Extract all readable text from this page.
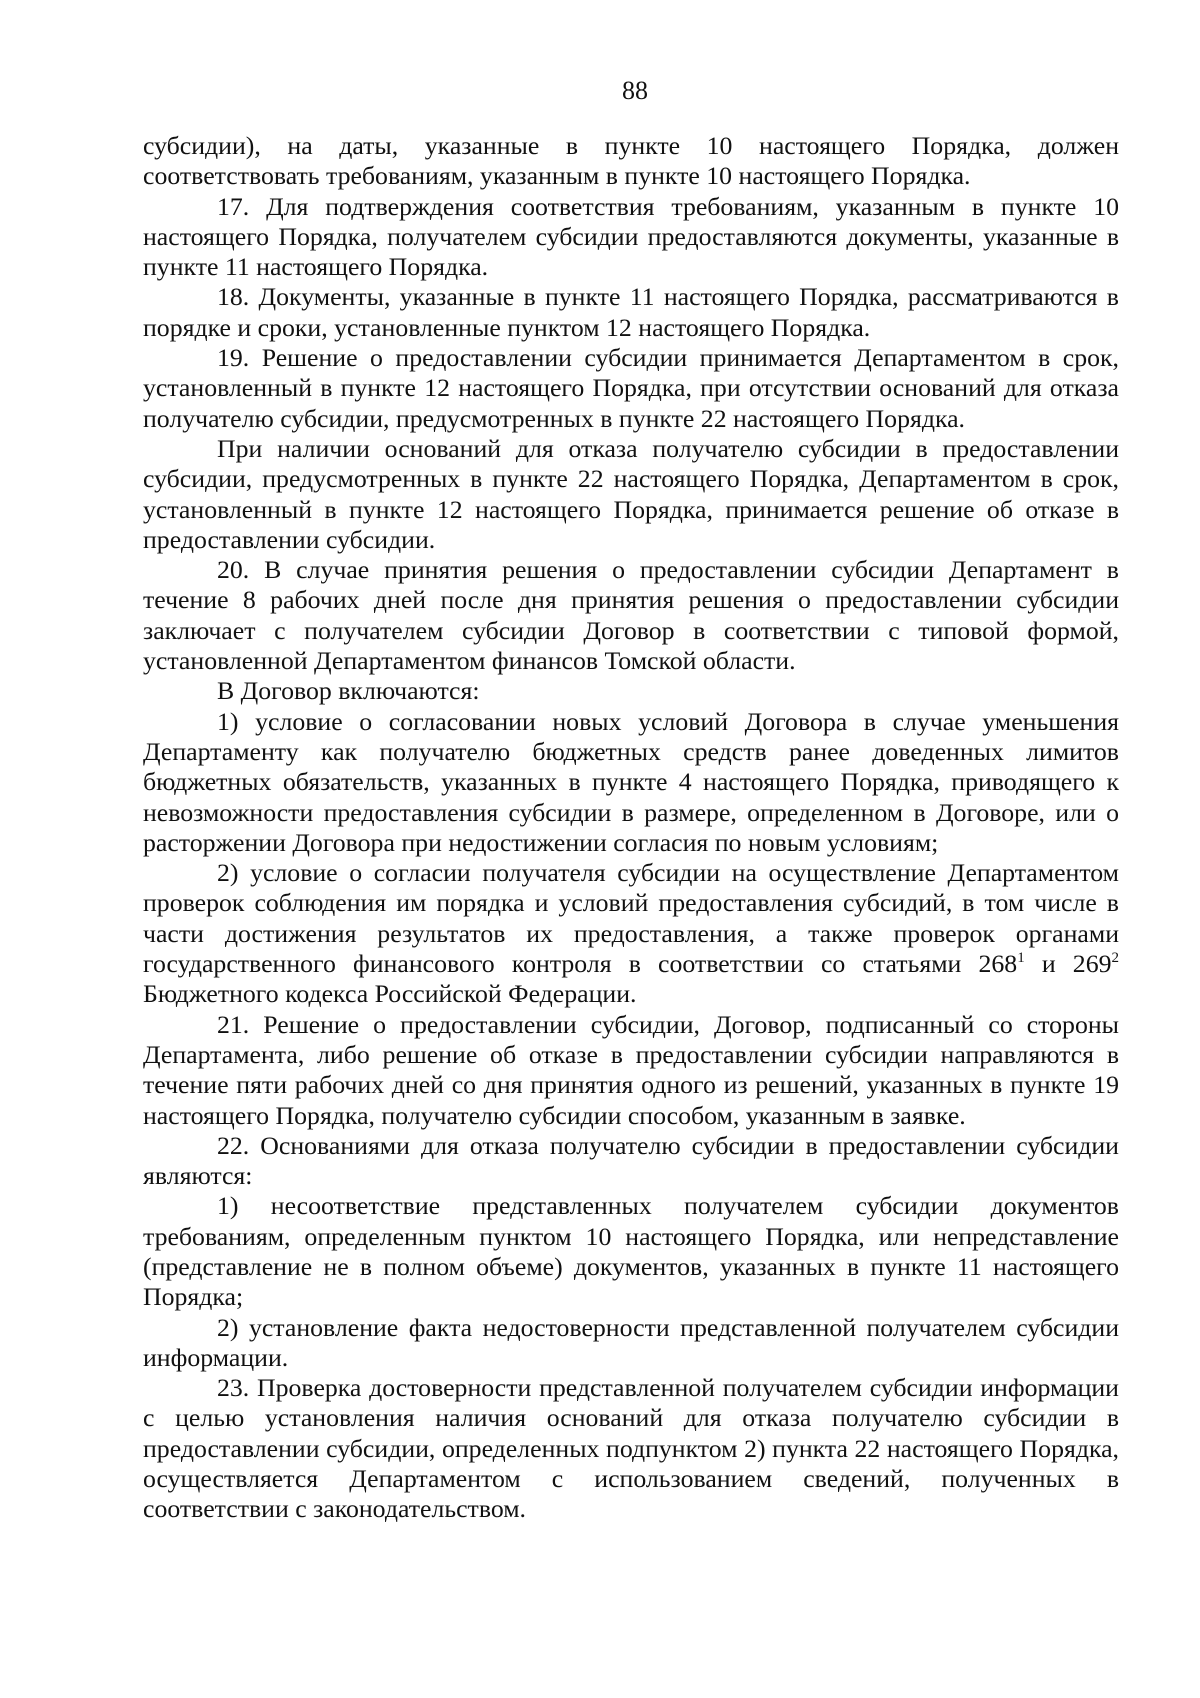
88

субсидии), на даты, указанные в пункте 10 настоящего Порядка, должен соответствовать требованиям, указанным в пункте 10 настоящего Порядка.

17. Для подтверждения соответствия требованиям, указанным в пункте 10 настоящего Порядка, получателем субсидии предоставляются документы, указанные в пункте 11 настоящего Порядка.

18. Документы, указанные в пункте 11 настоящего Порядка, рассматриваются в порядке и сроки, установленные пунктом 12 настоящего Порядка.

19. Решение о предоставлении субсидии принимается Департаментом в срок, установленный в пункте 12 настоящего Порядка, при отсутствии оснований для отказа получателю субсидии, предусмотренных в пункте 22 настоящего Порядка.

При наличии оснований для отказа получателю субсидии в предоставлении субсидии, предусмотренных в пункте 22 настоящего Порядка, Департаментом в срок, установленный в пункте 12 настоящего Порядка, принимается решение об отказе в предоставлении субсидии.

20. В случае принятия решения о предоставлении субсидии Департамент в течение 8 рабочих дней после дня принятия решения о предоставлении субсидии заключает с получателем субсидии Договор в соответствии с типовой формой, установленной Департаментом финансов Томской области.

В Договор включаются:

1) условие о согласовании новых условий Договора в случае уменьшения Департаменту как получателю бюджетных средств ранее доведенных лимитов бюджетных обязательств, указанных в пункте 4 настоящего Порядка, приводящего к невозможности предоставления субсидии в размере, определенном в Договоре, или о расторжении Договора при недостижении согласия по новым условиям;

2) условие о согласии получателя субсидии на осуществление Департаментом проверок соблюдения им порядка и условий предоставления субсидий, в том числе в части достижения результатов их предоставления, а также проверок органами государственного финансового контроля в соответствии со статьями $268^1$ и $269^2$ Бюджетного кодекса Российской Федерации.

21. Решение о предоставлении субсидии, Договор, подписанный со стороны Департамента, либо решение об отказе в предоставлении субсидии направляются в течение пяти рабочих дней со дня принятия одного из решений, указанных в пункте 19 настоящего Порядка, получателю субсидии способом, указанным в заявке.

22. Основаниями для отказа получателю субсидии в предоставлении субсидии являются:

1) несоответствие представленных получателем субсидии документов требованиям, определенным пунктом 10 настоящего Порядка, или непредставление (представление не в полном объеме) документов, указанных в пункте 11 настоящего Порядка;

2) установление факта недостоверности представленной получателем субсидии информации.

23. Проверка достоверности представленной получателем субсидии информации с целью установления наличия оснований для отказа получателю субсидии в предоставлении субсидии, определенных подпунктом 2) пункта 22 настоящего Порядка, осуществляется Департаментом с использованием сведений, полученных в соответствии с законодательством.
